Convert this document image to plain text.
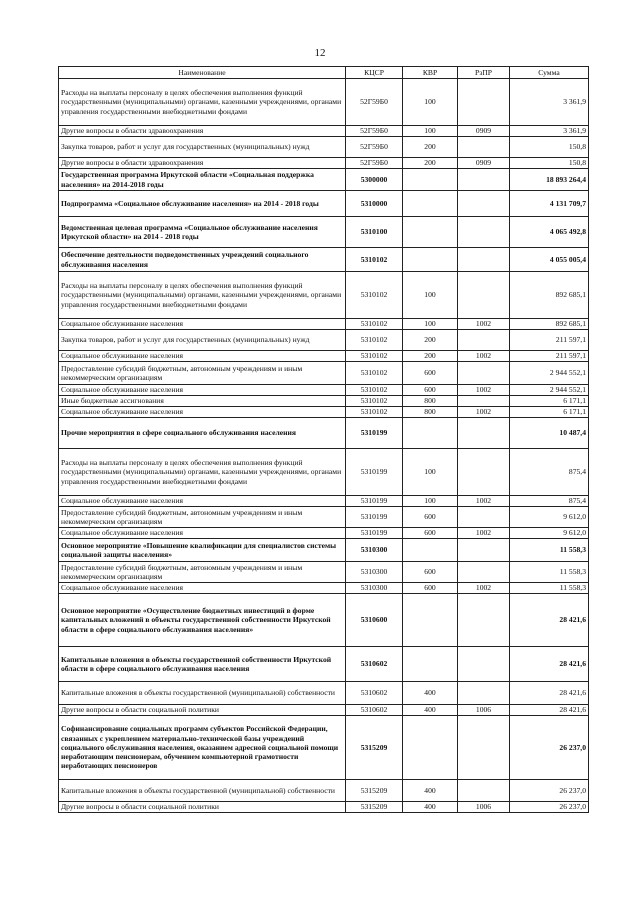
12
Наименование	КЦСР	КВР	РзПР	Сумма
Расходы на выплаты персоналу в целях обеспечения выполнения функций государственными (муниципальными) органами, казенными учреждениями, органами управления государственными внебюджетными фондами	52Г59Б0	100		3 361,9
Другие вопросы в области здравоохранения	52Г59Б0	100	0909	3 361,9
Закупка товаров, работ и услуг для государственных (муниципальных) нужд	52Г59Б0	200		150,8
Другие вопросы в области здравоохранения	52Г59Б0	200	0909	150,8
Государственная программа Иркутской области «Социальная поддержка населения» на 2014-2018 годы	5300000			18 893 264,4
Подпрограмма «Социальное обслуживание населения» на 2014 - 2018 годы	5310000			4 131 709,7
Ведомственная целевая программа «Социальное обслуживание населения Иркутской области» на 2014 - 2018 годы	5310100			4 065 492,8
Обеспечение деятельности подведомственных учреждений социального обслуживания населения	5310102			4 055 005,4
Расходы на выплаты персоналу в целях обеспечения выполнения функций государственными (муниципальными) органами, казенными учреждениями, органами управления государственными внебюджетными фондами	5310102	100		892 685,1
Социальное обслуживание населения	5310102	100	1002	892 685,1
Закупка товаров, работ и услуг для государственных (муниципальных) нужд	5310102	200		211 597,1
Социальное обслуживание населения	5310102	200	1002	211 597,1
Предоставление субсидий бюджетным, автономным учреждениям и иным некоммерческим организациям	5310102	600		2 944 552,1
Социальное обслуживание населения	5310102	600	1002	2 944 552,1
Иные бюджетные ассигнования	5310102	800		6 171,1
Социальное обслуживание населения	5310102	800	1002	6 171,1
Прочие мероприятия в сфере социального обслуживания населения	5310199			10 487,4
Расходы на выплаты персоналу в целях обеспечения выполнения функций государственными (муниципальными) органами, казенными учреждениями, органами управления государственными внебюджетными фондами	5310199	100		875,4
Социальное обслуживание населения	5310199	100	1002	875,4
Предоставление субсидий бюджетным, автономным учреждениям и иным некоммерческим организациям	5310199	600		9 612,0
Социальное обслуживание населения	5310199	600	1002	9 612,0
Основное мероприятие «Повышение квалификации для специалистов системы социальной защиты населения»	5310300			11 558,3
Предоставление субсидий бюджетным, автономным учреждениям и иным некоммерческим организациям	5310300	600		11 558,3
Социальное обслуживание населения	5310300	600	1002	11 558,3
Основное мероприятие «Осуществление бюджетных инвестиций в форме капитальных вложений в объекты государственной собственности Иркутской области в сфере социального обслуживания населения»	5310600			28 421,6
Капитальные вложения в объекты государственной собственности Иркутской области в сфере социального обслуживания населения	5310602			28 421,6
Капитальные вложения в объекты государственной (муниципальной) собственности	5310602	400		28 421,6
Другие вопросы в области социальной политики	5310602	400	1006	28 421,6
Софинансирование социальных программ субъектов Российской Федерации, связанных с укреплением материально-технической базы учреждений социального обслуживания населения, оказанием адресной социальной помощи неработающим пенсионерам, обучением компьютерной грамотности неработающих пенсионеров	5315209			26 237,0
Капитальные вложения в объекты государственной (муниципальной) собственности	5315209	400		26 237,0
Другие вопросы в области социальной политики	5315209	400	1006	26 237,0
